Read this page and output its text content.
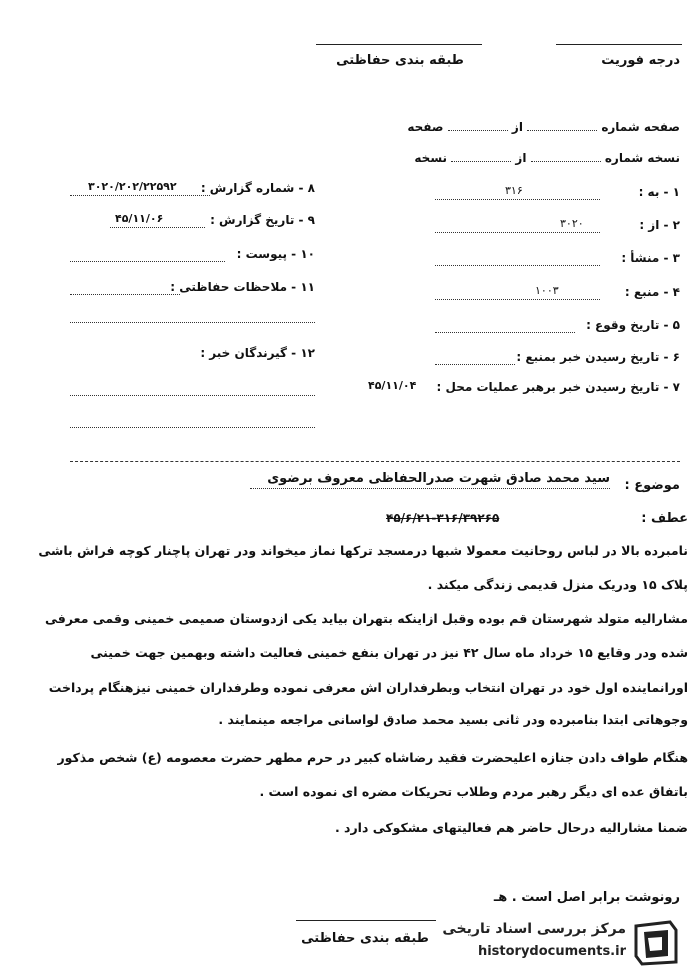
درجه فوریت
طبقه بندی حفاظتی
صفحه شماره  از  صفحه
نسخه شماره  از  نسخه
۱ - به :
۳۱۶
۲ - از :
۳۰۲۰
۳ - منشأ :
۴ - منبع :
۱۰۰۳
۵ - تاریخ وقوع :
۶ - تاریخ رسیدن خبر بمنبع :
۷ - تاریخ رسیدن خبر برهبر عملیات محل :
۴۵/۱۱/۰۴
۸ - شماره گزارش :
۳۰۲۰/۲۰۲/۲۲۵۹۲
۹ - تاریخ گزارش :
۴۵/۱۱/۰۶
۱۰ - پیوست :
۱۱ - ملاحظات حفاظتی :
۱۲ - گیرندگان خبر :
موضوع :
سید محمد صادق شهرت صدرالحفاظی معروف برضوی
عطف :
۴۵/۶/۲۱-۳۱۶/۳۹۲۶۵
نامبرده بالا در لباس روحانیت معمولا شبها درمسجد ترکها نماز میخواند ودر تهران پاچنار کوچه فراش باشی
پلاک ۱۵ ودریک منزل قدیمی زندگی میکند .
مشارالیه متولد شهرستان قم بوده وقبل ازاینکه بتهران بیاید یکی ازدوستان صمیمی خمینی وقمی معرفی
شده ودر وقایع ۱۵ خرداد ماه سال ۴۲ نیز در تهران بنفع خمینی فعالیت داشته وبهمین جهت خمینی
اورانماینده اول خود در تهران انتخاب وبطرفداران اش معرفی نموده وطرفداران خمینی نیزهنگام پرداخت
وجوهاتی ابتدا بنامبرده ودر ثانی بسید محمد صادق لواسانی مراجعه مینمایند .
هنگام طواف دادن جنازه اعلیحضرت فقید رضاشاه کبیر در حرم مطهر حضرت معصومه (ع) شخص مذکور
باتفاق عده ای دیگر رهبر مردم وطلاب تحریکات مضره ای نموده است .
ضمنا مشارالیه درحال حاضر هم فعالیتهای مشکوکی دارد .
رونوشت برابر اصل است . هـ
طبقه بندی حفاظتی
مرکز بررسی اسناد تاریخی
historydocuments.ir
